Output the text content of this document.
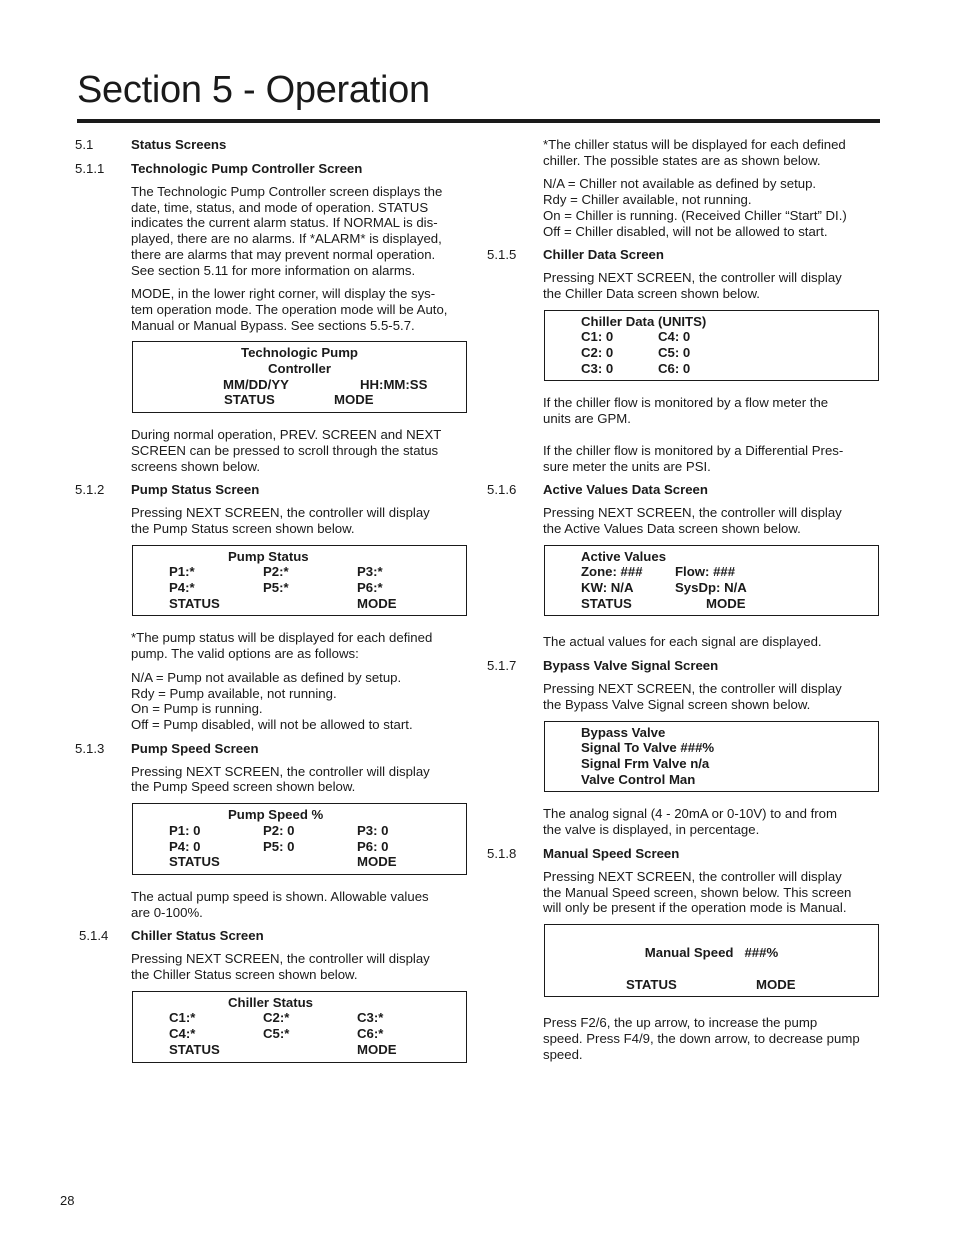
Section 5 - Operation
5.1	Status Screens
5.1.1 Technologic Pump Controller Screen
The Technologic Pump Controller screen displays the
date, time, status, and mode of operation. STATUS
indicates the current alarm status. If NORMAL is dis-
played, there are no alarms. If *ALARM* is displayed,
there are alarms that may prevent normal operation.
See section 5.11 for more information on alarms.
MODE, in the lower right corner, will display the sys-
tem operation mode. The operation mode will be Auto,
Manual or Manual Bypass. See sections 5.5-5.7.
Technologic Pump
Controller
MM/DD/YY	HH:MM:SS
STATUS	MODE
During normal operation, PREV. SCREEN and NEXT
SCREEN can be pressed to scroll through the status
screens shown below.
5.1.2 Pump Status Screen
Pressing NEXT SCREEN, the controller will display
the Pump Status screen shown below.
Pump Status
P1:*	P2:*	P3:*
P4:*	P5:*	P6:*
STATUS	MODE
*The pump status will be displayed for each defined
pump. The valid options are as follows:
N/A = Pump not available as defined by setup.
Rdy = Pump available, not running.
On = Pump is running.
Off = Pump disabled, will not be allowed to start.
5.1.3 Pump Speed Screen
Pressing NEXT SCREEN, the controller will display
the Pump Speed screen shown below.
Pump Speed %
P1: 0	P2: 0	P3: 0
P4: 0	P5: 0	P6: 0
STATUS	MODE
The actual pump speed is shown. Allowable values
are 0-100%.
5.1.4 Chiller Status Screen
Pressing NEXT SCREEN, the controller will display
the Chiller Status screen shown below.
Chiller Status
C1:*	C2:*	C3:*
C4:*	C5:*	C6:*
STATUS	MODE
*The chiller status will be displayed for each defined
chiller. The possible states are as shown below.
N/A = Chiller not available as defined by setup.
Rdy = Chiller available, not running.
On = Chiller is running. (Received Chiller “Start” DI.)
Off = Chiller disabled, will not be allowed to start.
5.1.5 Chiller Data Screen
Pressing NEXT SCREEN, the controller will display
the Chiller Data screen shown below.
Chiller Data (UNITS)
C1: 0	C4: 0
C2: 0	C5: 0
C3: 0	C6: 0
If the chiller flow is monitored by a flow meter the
units are GPM.
If the chiller flow is monitored by a Differential Pres-
sure meter the units are PSI.
5.1.6 Active Values Data Screen
Pressing NEXT SCREEN, the controller will display
the Active Values Data screen shown below.
Active Values
Zone: ###	Flow: ###
KW: N/A	SysDp: N/A
STATUS	MODE
The actual values for each signal are displayed.
5.1.7 Bypass Valve Signal Screen
Pressing NEXT SCREEN, the controller will display
the Bypass Valve Signal screen shown below.
Bypass Valve
Signal To Valve ###%
Signal Frm Valve n/a
Valve Control Man
The analog signal (4 - 20mA or 0-10V) to and from
the valve is displayed, in percentage.
5.1.8 Manual Speed Screen
Pressing NEXT SCREEN, the controller will display
the Manual Speed screen, shown below. This screen
will only be present if the operation mode is Manual.
Manual Speed   ###%
STATUS	MODE
Press F2/6, the up arrow, to increase the pump
speed. Press F4/9, the down arrow, to decrease pump
speed.
28
